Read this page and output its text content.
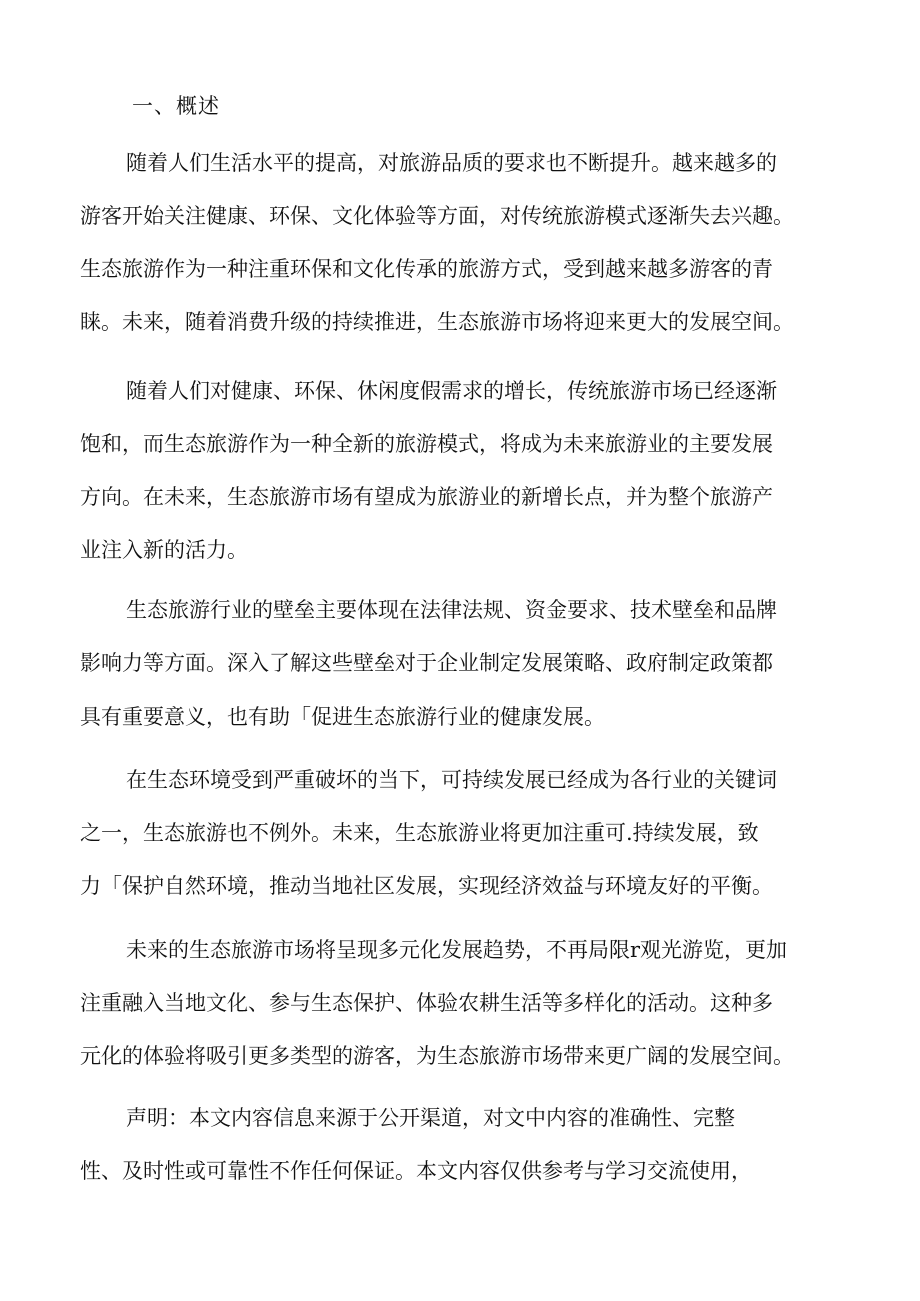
一、概述
随着人们生活水平的提高，对旅游品质的要求也不断提升。越来越多的
游客开始关注健康、环保、文化体验等方面，对传统旅游模式逐渐失去兴趣。
生态旅游作为一种注重环保和文化传承的旅游方式，受到越来越多游客的青
睐。未来，随着消费升级的持续推进，生态旅游市场将迎来更大的发展空间。
随着人们对健康、环保、休闲度假需求的增长，传统旅游市场已经逐渐
饱和，而生态旅游作为一种全新的旅游模式，将成为未来旅游业的主要发展
方向。在未来，生态旅游市场有望成为旅游业的新增长点，并为整个旅游产
业注入新的活力。
生态旅游行业的壁垒主要体现在法律法规、资金要求、技术壁垒和品牌
影响力等方面。深入了解这些壁垒对于企业制定发展策略、政府制定政策都
具有重要意义，也有助「促进生态旅游行业的健康发展。
在生态环境受到严重破坏的当下，可持续发展已经成为各行业的关键词
之一，生态旅游也不例外。未来，生态旅游业将更加注重可.持续发展，致
力「保护自然环境，推动当地社区发展，实现经济效益与环境友好的平衡。
未来的生态旅游市场将呈现多元化发展趋势，不再局限r观光游览，更加
注重融入当地文化、参与生态保护、体验农耕生活等多样化的活动。这种多
元化的体验将吸引更多类型的游客，为生态旅游市场带来更广阔的发展空间。
声明：本文内容信息来源于公开渠道，对文中内容的准确性、完整
性、及时性或可靠性不作任何保证。本文内容仅供参考与学习交流使用，
